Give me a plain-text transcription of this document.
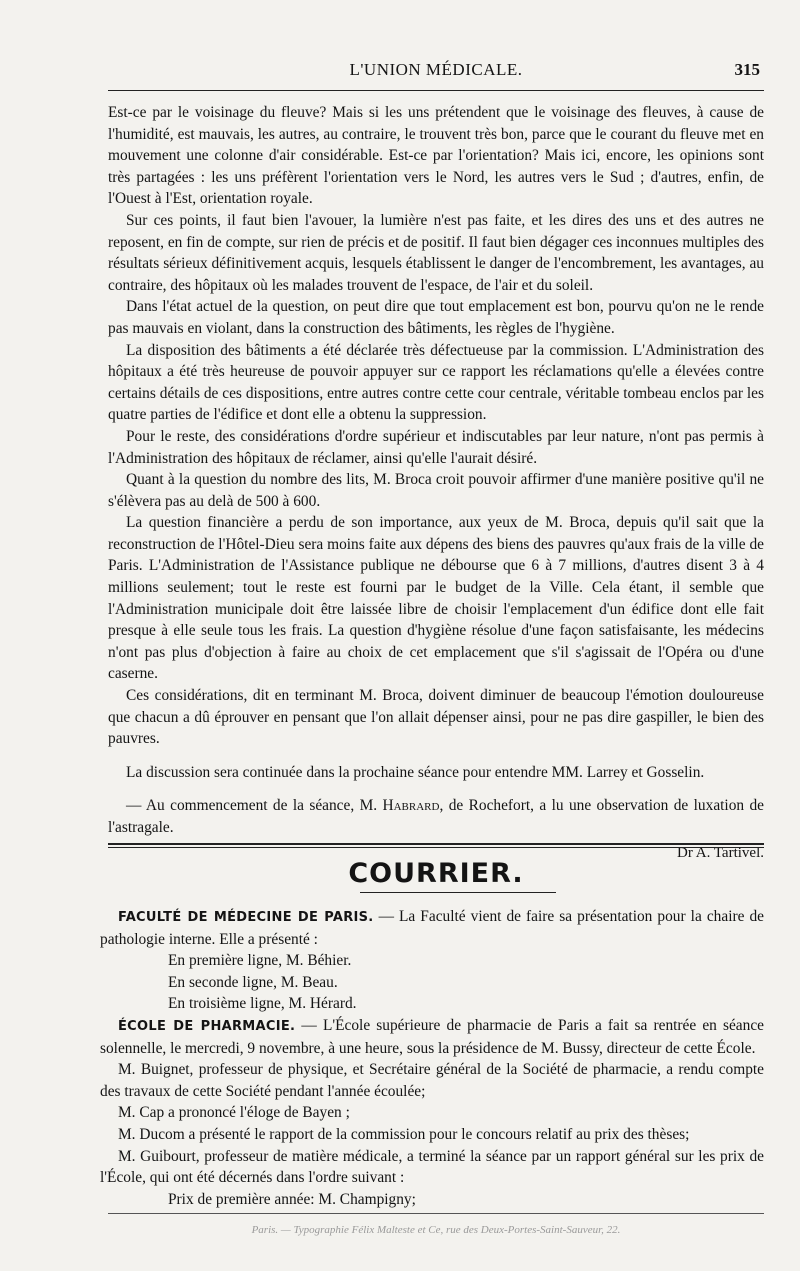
L'UNION MÉDICALE.	315

Est-ce par le voisinage du fleuve? Mais si les uns prétendent que le voisinage des fleuves, à cause de l'humidité, est mauvais, les autres, au contraire, le trouvent très bon, parce que le courant du fleuve met en mouvement une colonne d'air considérable. Est-ce par l'orientation? Mais ici, encore, les opinions sont très partagées : les uns préfèrent l'orientation vers le Nord, les autres vers le Sud ; d'autres, enfin, de l'Ouest à l'Est, orientation royale.

Sur ces points, il faut bien l'avouer, la lumière n'est pas faite, et les dires des uns et des autres ne reposent, en fin de compte, sur rien de précis et de positif. Il faut bien dégager ces inconnues multiples des résultats sérieux définitivement acquis, lesquels établissent le danger de l'encombrement, les avantages, au contraire, des hôpitaux où les malades trouvent de l'espace, de l'air et du soleil.

Dans l'état actuel de la question, on peut dire que tout emplacement est bon, pourvu qu'on ne le rende pas mauvais en violant, dans la construction des bâtiments, les règles de l'hygiène.

La disposition des bâtiments a été déclarée très défectueuse par la commission. L'Administration des hôpitaux a été très heureuse de pouvoir appuyer sur ce rapport les réclamations qu'elle a élevées contre certains détails de ces dispositions, entre autres contre cette cour centrale, véritable tombeau enclos par les quatre parties de l'édifice et dont elle a obtenu la suppression.

Pour le reste, des considérations d'ordre supérieur et indiscutables par leur nature, n'ont pas permis à l'Administration des hôpitaux de réclamer, ainsi qu'elle l'aurait désiré.

Quant à la question du nombre des lits, M. Broca croit pouvoir affirmer d'une manière positive qu'il ne s'élèvera pas au delà de 500 à 600.

La question financière a perdu de son importance, aux yeux de M. Broca, depuis qu'il sait que la reconstruction de l'Hôtel-Dieu sera moins faite aux dépens des biens des pauvres qu'aux frais de la ville de Paris. L'Administration de l'Assistance publique ne débourse que 6 à 7 millions, d'autres disent 3 à 4 millions seulement; tout le reste est fourni par le budget de la Ville. Cela étant, il semble que l'Administration municipale doit être laissée libre de choisir l'emplacement d'un édifice dont elle fait presque à elle seule tous les frais. La question d'hygiène résolue d'une façon satisfaisante, les médecins n'ont pas plus d'objection à faire au choix de cet emplacement que s'il s'agissait de l'Opéra ou d'une caserne.

Ces considérations, dit en terminant M. Broca, doivent diminuer de beaucoup l'émotion douloureuse que chacun a dû éprouver en pensant que l'on allait dépenser ainsi, pour ne pas dire gaspiller, le bien des pauvres.

La discussion sera continuée dans la prochaine séance pour entendre MM. Larrey et Gosselin.

— Au commencement de la séance, M. Habrard, de Rochefort, a lu une observation de luxation de l'astragale.

Dr A. Tartivel.
COURRIER.

FACULTÉ DE MÉDECINE DE PARIS. — La Faculté vient de faire sa présentation pour la chaire de pathologie interne. Elle a présenté :

En première ligne, M. Béhier.
En seconde ligne, M. Beau.
En troisième ligne, M. Hérard.

ÉCOLE DE PHARMACIE. — L'École supérieure de pharmacie de Paris a fait sa rentrée en séance solennelle, le mercredi, 9 novembre, à une heure, sous la présidence de M. Bussy, directeur de cette École.

M. Buignet, professeur de physique, et Secrétaire général de la Société de pharmacie, a rendu compte des travaux de cette Société pendant l'année écoulée;

M. Cap a prononcé l'éloge de Bayen ;

M. Ducom a présenté le rapport de la commission pour le concours relatif au prix des thèses;

M. Guibourt, professeur de matière médicale, a terminé la séance par un rapport général sur les prix de l'École, qui ont été décernés dans l'ordre suivant :

Prix de première année: M. Champigny;
Paris. — Typographie Félix Malteste et Ce, rue des Deux-Portes-Saint-Sauveur, 22.
